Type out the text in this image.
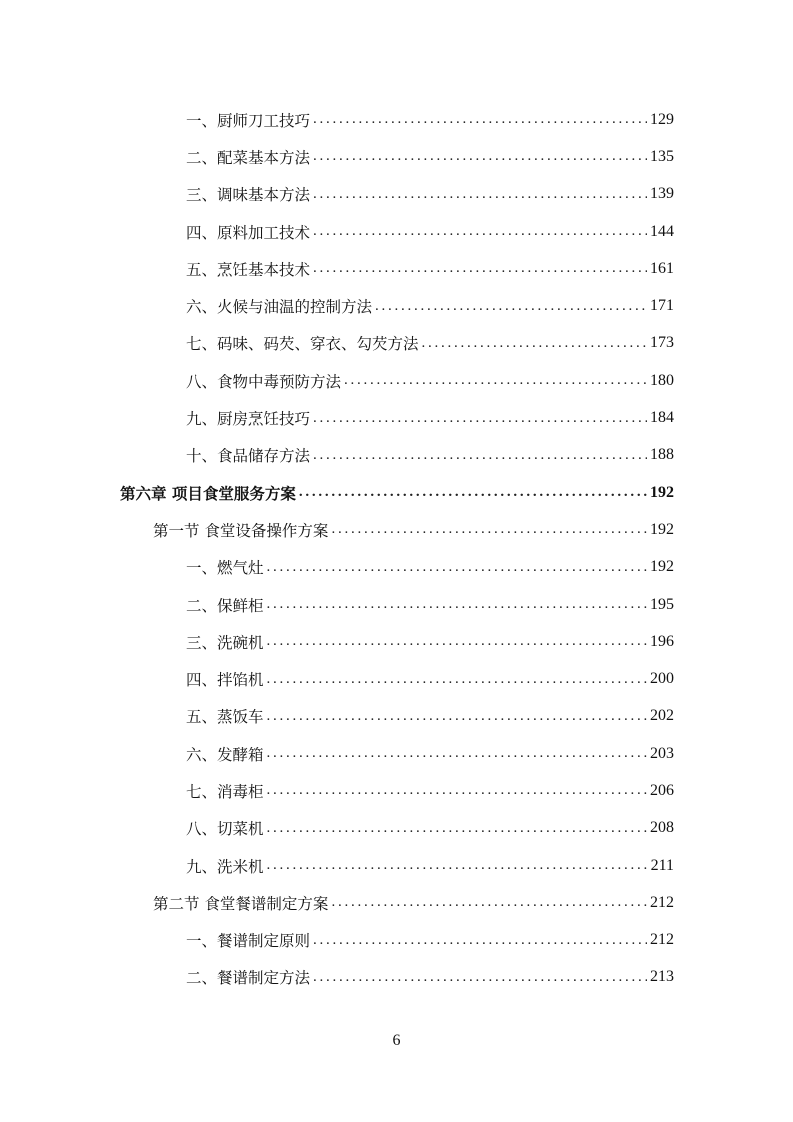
一、厨师刀工技巧 . . .	129
二、配菜基本方法 . . .	135
三、调味基本方法 . . .	139
四、原料加工技术 . . .	144
五、烹饪基本技术 . . .	161
六、火候与油温的控制方法 . . .	171
七、码味、码芡、穿衣、勾芡方法 . . .	173
八、食物中毒预防方法 . . .	180
九、厨房烹饪技巧 . . .	184
十、食品储存方法 . . .	188
第六章 项目食堂服务方案 . . .	192
第一节 食堂设备操作方案 . . .	192
一、燃气灶 . . .	192
二、保鲜柜 . . .	195
三、洗碗机 . . .	196
四、拌馅机 . . .	200
五、蒸饭车 . . .	202
六、发酵箱 . . .	203
七、消毒柜 . . .	206
八、切菜机 . . .	208
九、洗米机 . . .	211
第二节 食堂餐谱制定方案 . . .	212
一、餐谱制定原则 . . .	212
二、餐谱制定方法 . . .	213
6
